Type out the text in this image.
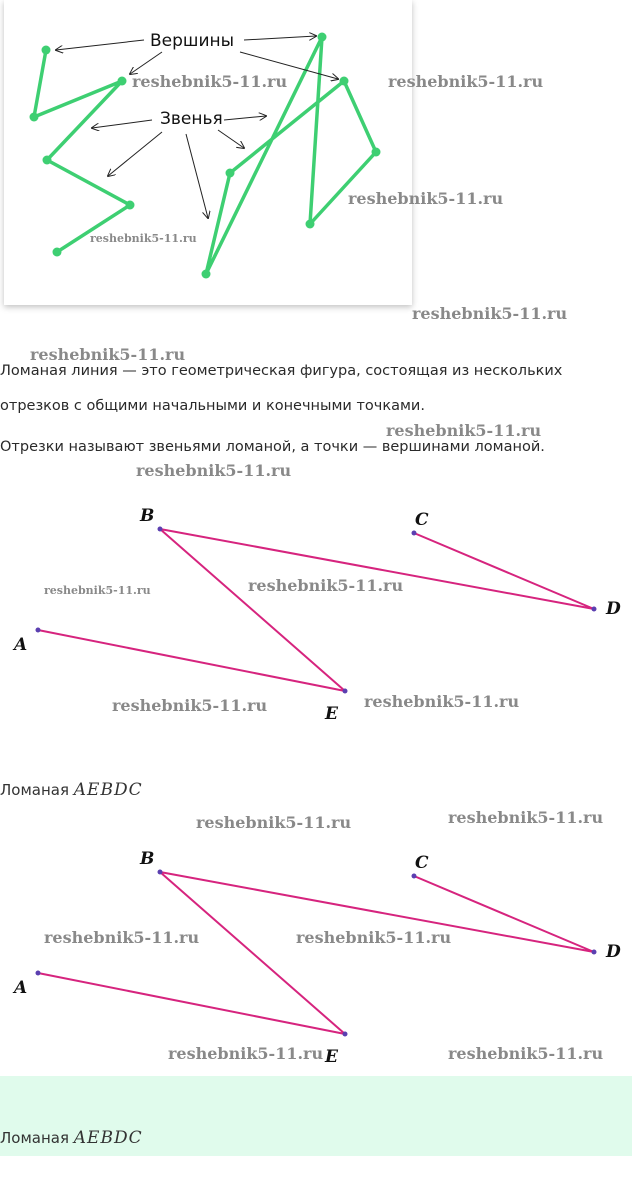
Вершины
Звенья
reshebnik5-11.ru
reshebnik5-11.ru
reshebnik5-11.ru
reshebnik5-11.ru
reshebnik5-11.ru
reshebnik5-11.ru
Ломаная линия — это геометрическая фигура, состоящая из нескольких
отрезков с общими начальными и конечными точками.
reshebnik5-11.ru
Отрезки называют звеньями ломаной, а точки — вершинами ломаной.
reshebnik5-11.ru
A
B	C
D
E
reshebnik5-11.ru	reshebnik5-11.ru
reshebnik5-11.ru	reshebnik5-11.ru
Ломаная AEBDC
reshebnik5-11.ru	reshebnik5-11.ru
A
B	C
D
E
reshebnik5-11.ru	reshebnik5-11.ru
reshebnik5-11.ru	reshebnik5-11.ru
Ломаная AEBDC
